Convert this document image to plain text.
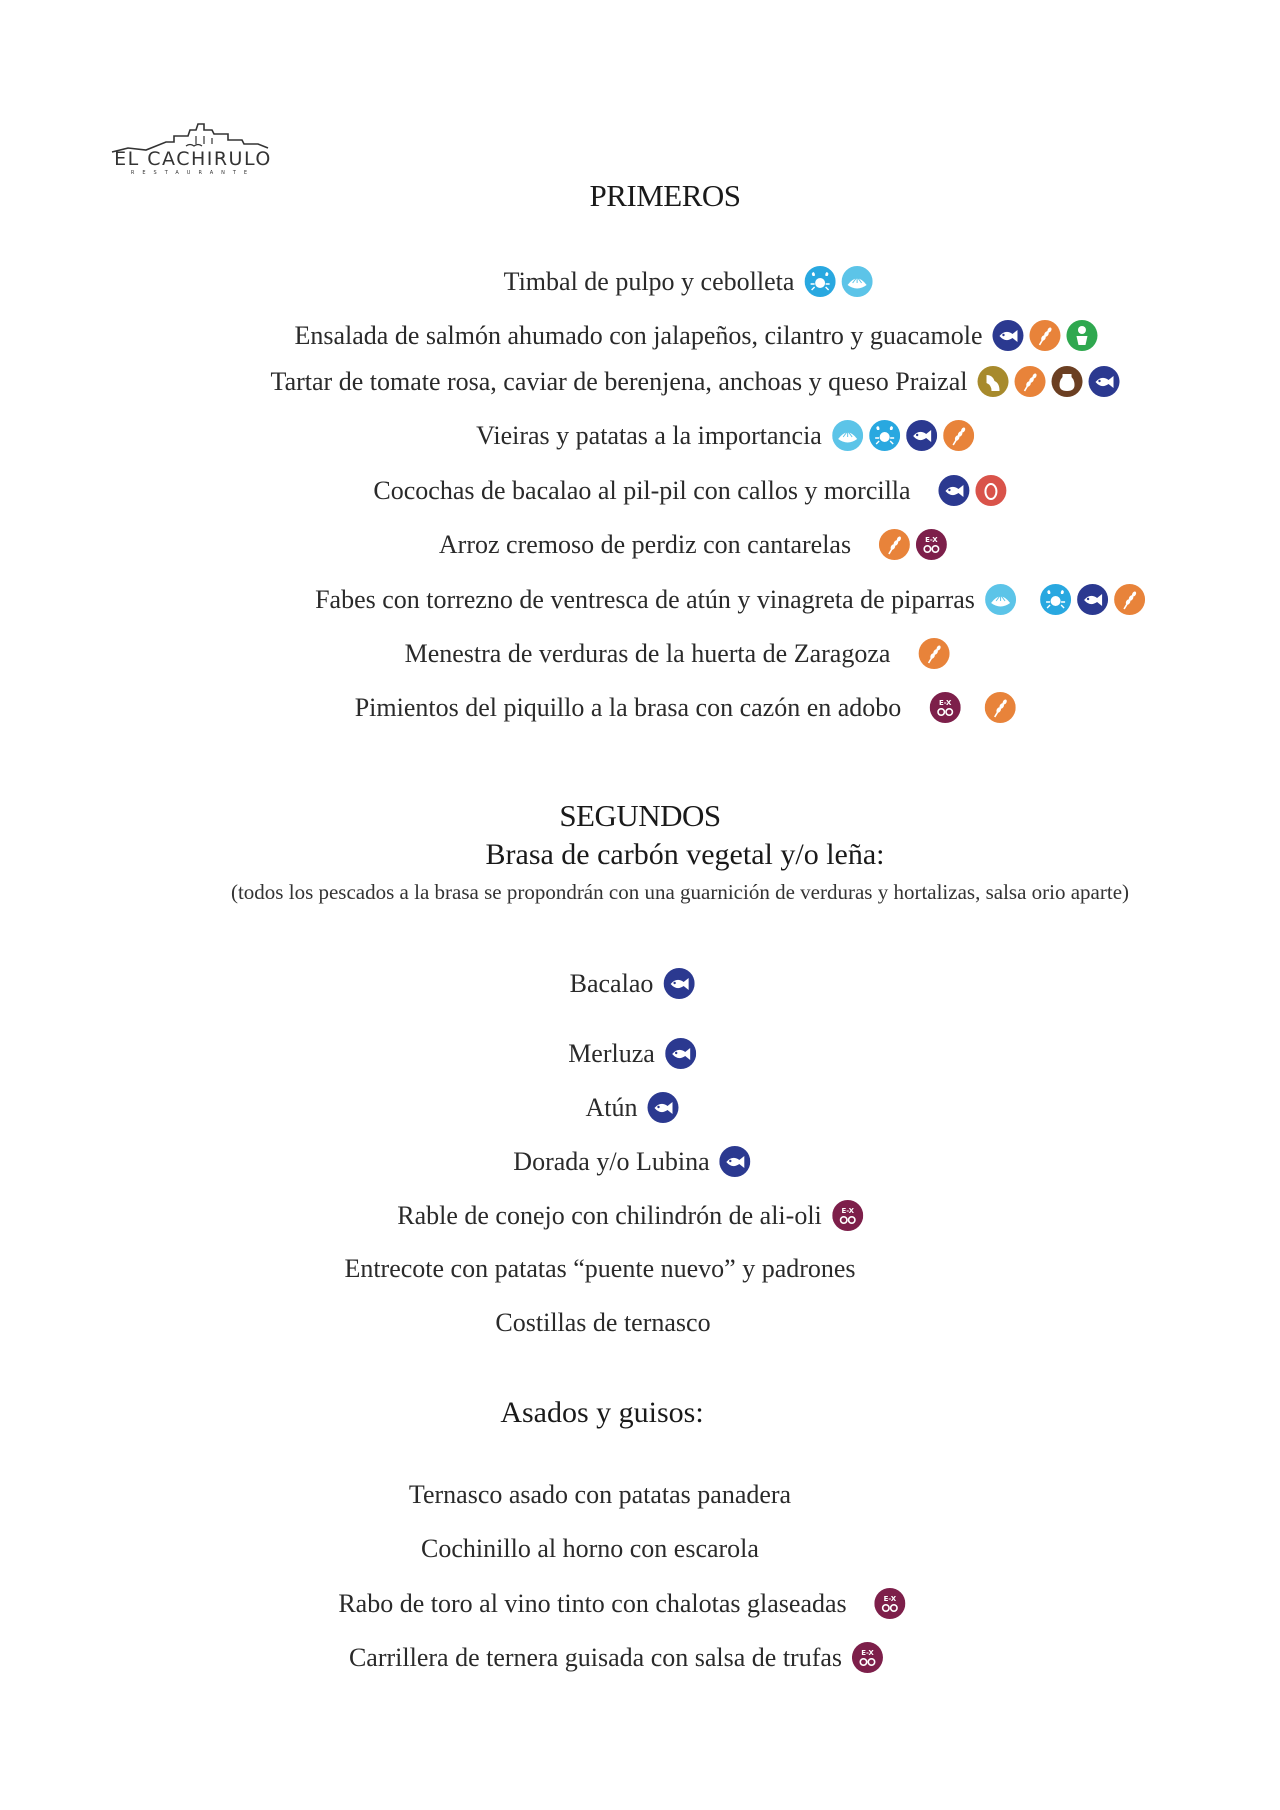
EL CACHIRULO
RESTAURANTE
PRIMEROS
Timbal de pulpo y cebolleta
Ensalada de salmón ahumado con jalapeños, cilantro y guacamole
Tartar de tomate rosa, caviar de berenjena, anchoas y queso Praizal
Vieiras y patatas a la importancia
Cocochas de bacalao al pil-pil con callos y morcilla
Arroz cremoso de perdiz con cantarelas	E-X
Fabes con torrezno de ventresca de atún y vinagreta de piparras
Menestra de verduras de la huerta de Zaragoza
Pimientos del piquillo a la brasa con cazón en adobo	E-X
SEGUNDOS
Brasa de carbón vegetal y/o leña:
(todos los pescados a la brasa se propondrán con una guarnición de verduras y hortalizas, salsa orio aparte)
Bacalao
Merluza
Atún
Dorada y/o Lubina
Rable de conejo con chilindrón de ali-oli	E-X
Entrecote con patatas “puente nuevo” y padrones
Costillas de ternasco
Asados y guisos:
Ternasco asado con patatas panadera
Cochinillo al horno con escarola
Rabo de toro al vino tinto con chalotas glaseadas	E-X
Carrillera de ternera guisada con salsa de trufas	E-X
